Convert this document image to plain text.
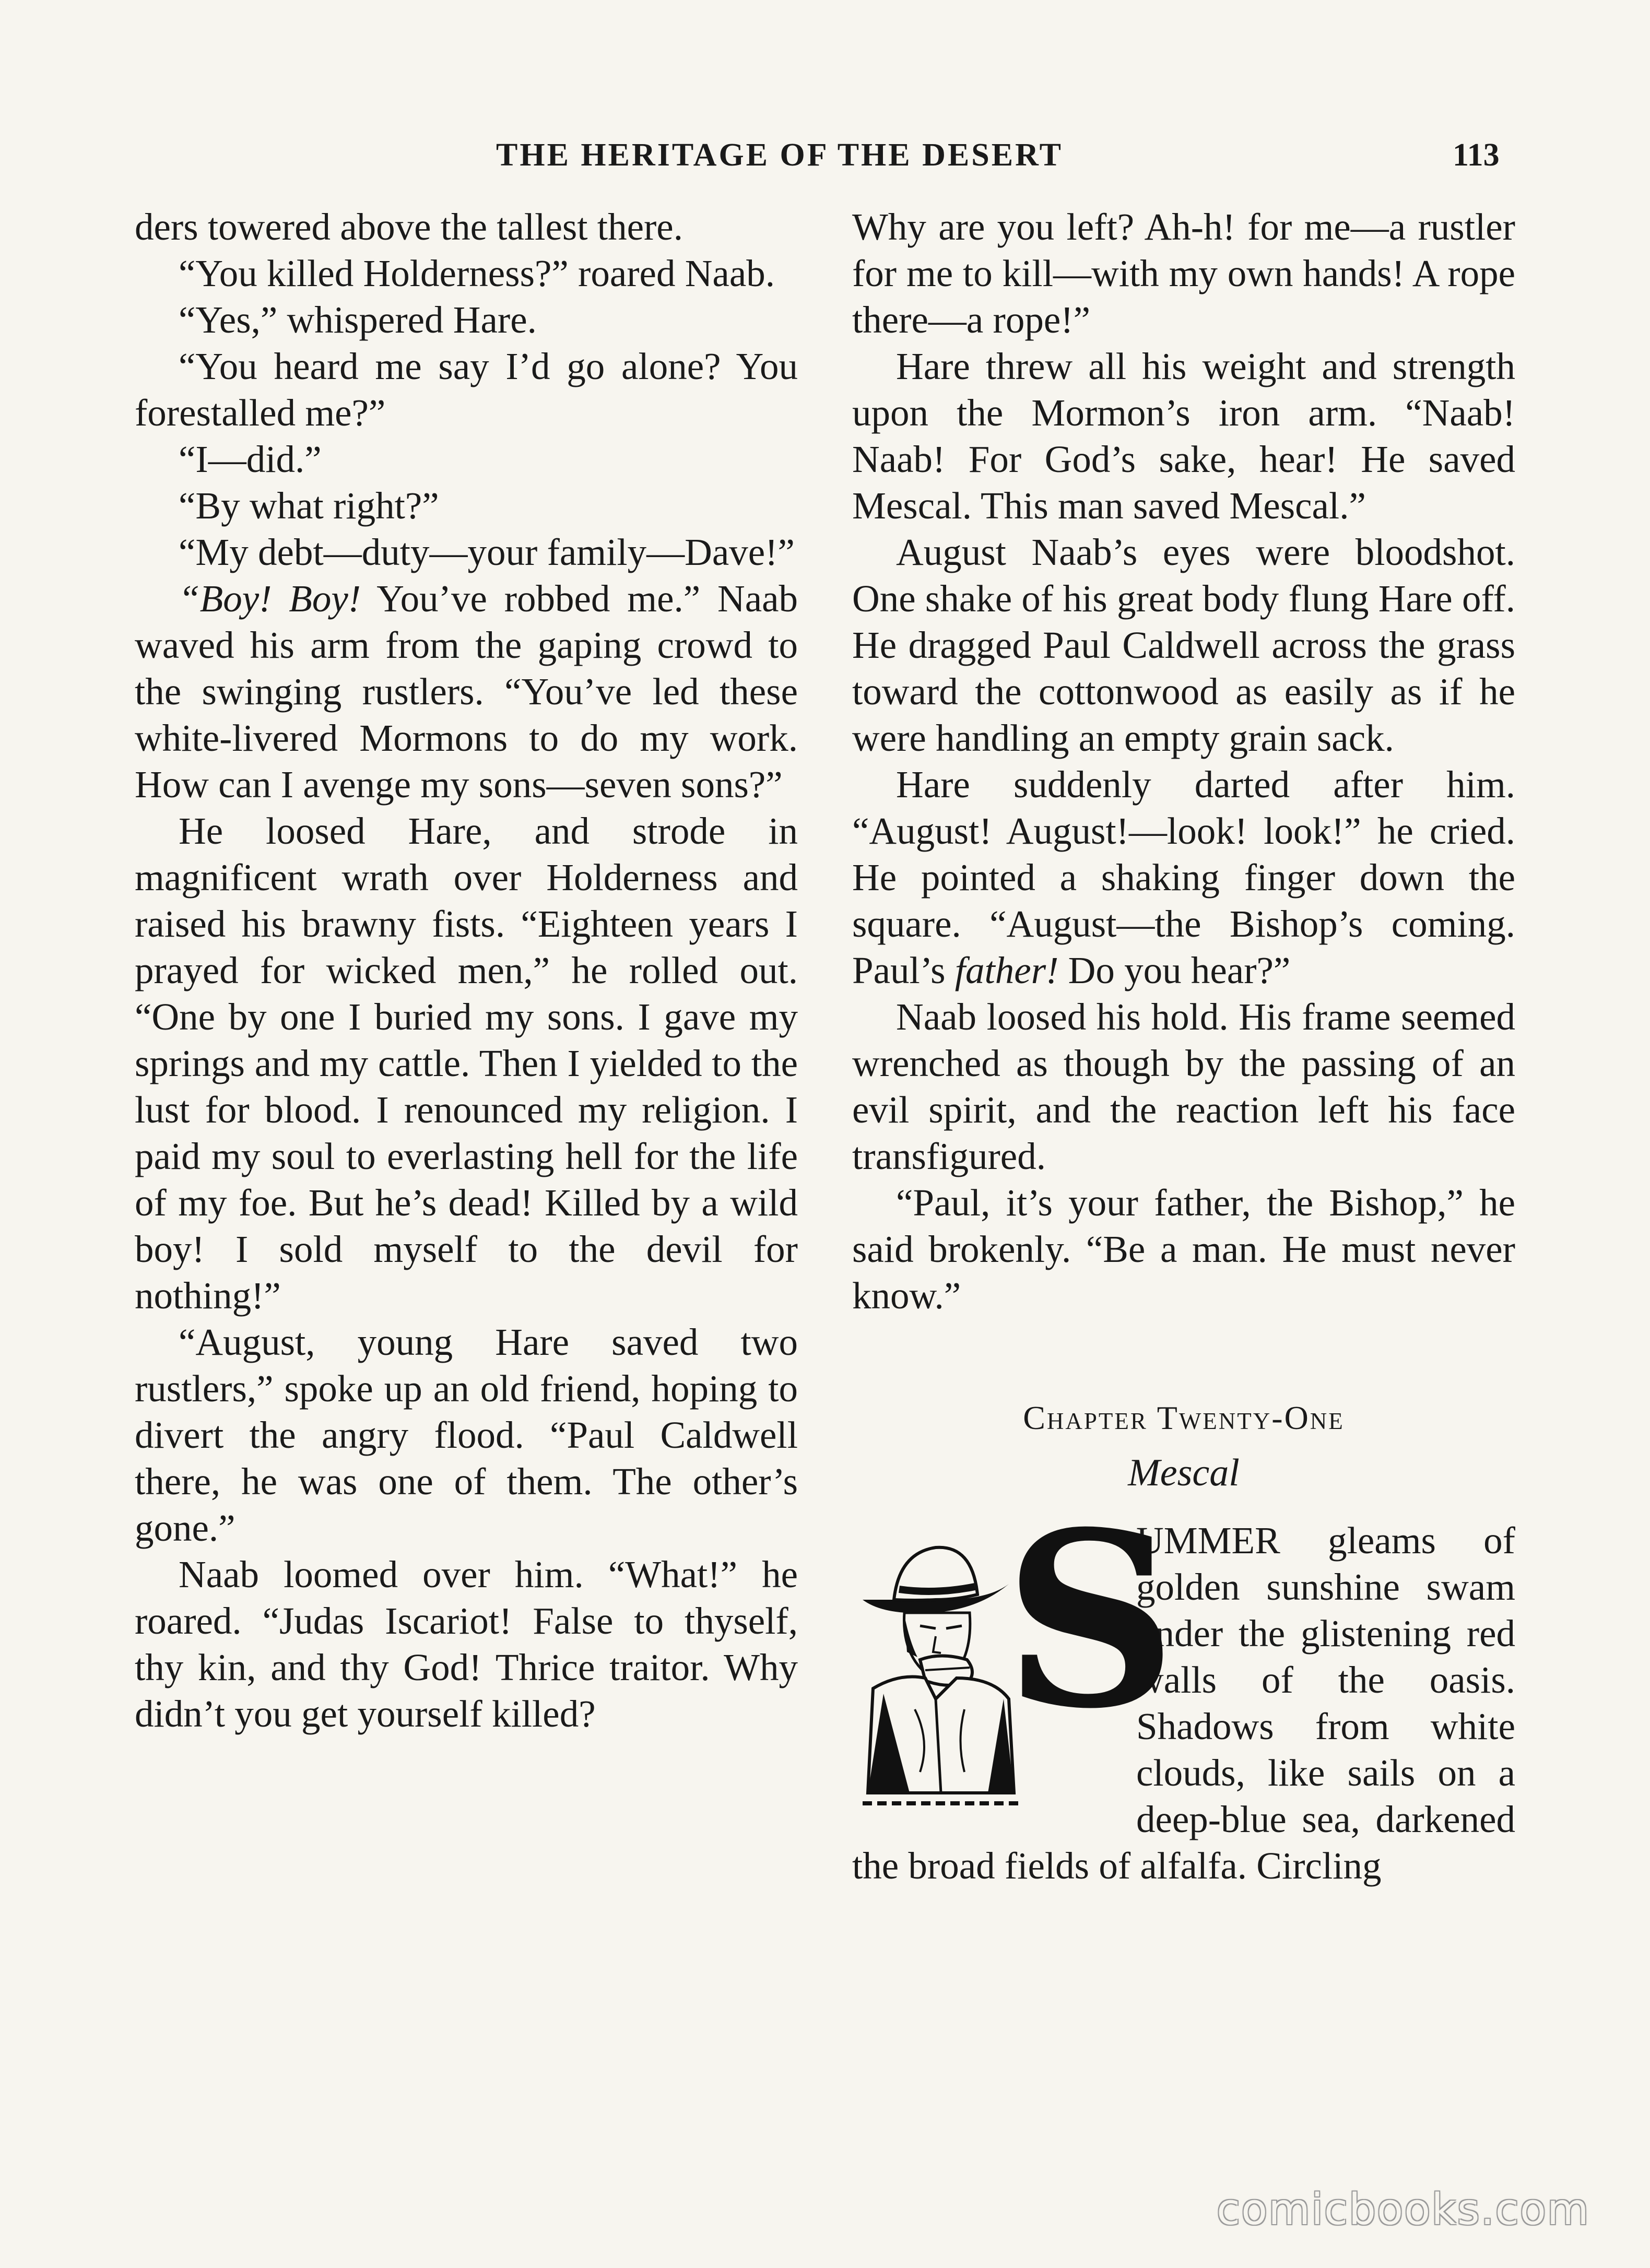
THE HERITAGE OF THE DESERT	113

ders towered above the tallest there.

“You killed Holderness?” roared Naab.

“Yes,” whispered Hare.

“You heard me say I’d go alone? You forestalled me?”

“I—did.”

“By what right?”

“My debt—duty—your family—Dave!”

“Boy! Boy! You’ve robbed me.” Naab waved his arm from the gaping crowd to the swinging rustlers. “You’ve led these white-livered Mormons to do my work. How can I avenge my sons—seven sons?”

He loosed Hare, and strode in magnificent wrath over Holderness and raised his brawny fists. “Eighteen years I prayed for wicked men,” he rolled out. “One by one I buried my sons. I gave my springs and my cattle. Then I yielded to the lust for blood. I renounced my religion. I paid my soul to everlasting hell for the life of my foe. But he’s dead! Killed by a wild boy! I sold myself to the devil for nothing!”

“August, young Hare saved two rustlers,” spoke up an old friend, hoping to divert the angry flood. “Paul Caldwell there, he was one of them. The other’s gone.”

Naab loomed over him. “What!” he roared. “Judas Iscariot! False to thyself, thy kin, and thy God! Thrice traitor. Why didn’t you get yourself killed?

Why are you left? Ah-h! for me—a rustler for me to kill—with my own hands! A rope there—a rope!”

Hare threw all his weight and strength upon the Mormon’s iron arm. “Naab! Naab! For God’s sake, hear! He saved Mescal. This man saved Mescal.”

August Naab’s eyes were bloodshot. One shake of his great body flung Hare off. He dragged Paul Caldwell across the grass toward the cottonwood as easily as if he were handling an empty grain sack.

Hare suddenly darted after him. “August! August!—look! look!” he cried. He pointed a shaking finger down the square. “August—the Bishop’s coming. Paul’s father! Do you hear?”

Naab loosed his hold. His frame seemed wrenched as though by the passing of an evil spirit, and the reaction left his face transfigured.

“Paul, it’s your father, the Bishop,” he said brokenly. “Be a man. He must never know.”

Chapter Twenty-One
Mescal
S

UMMER gleams of golden sunshine swam under the glistening red walls of the oasis. Shadows from white clouds, like sails on a deep-blue sea, darkened the broad fields of alfalfa. Circling

comicbooks.com
